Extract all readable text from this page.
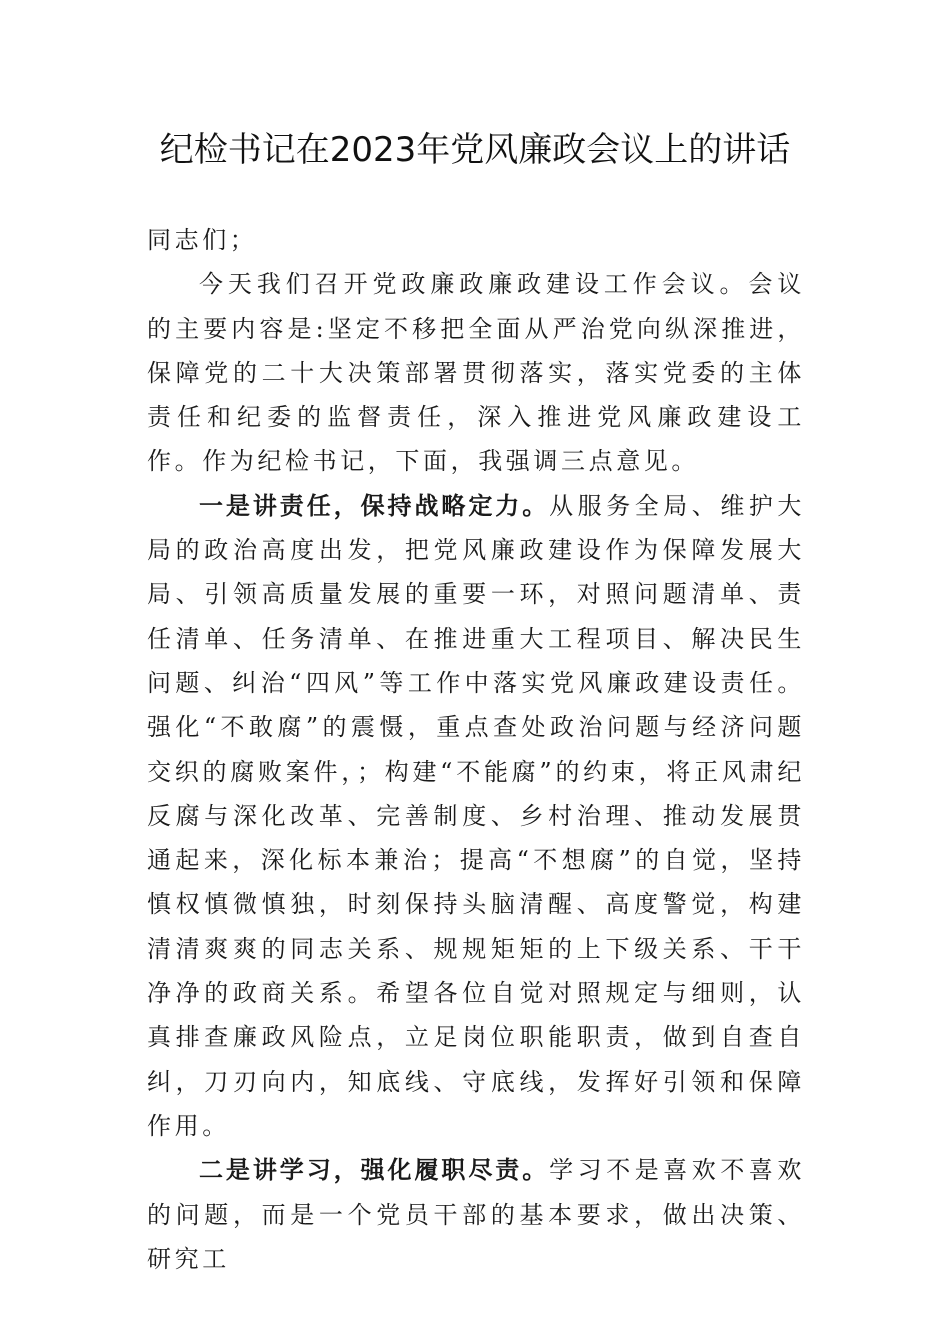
纪检书记在2023年党风廉政会议上的讲话

同志们；

今天我们召开党政廉政廉政建设工作会议。会议的主要内容是:坚定不移把全面从严治党向纵深推进，保障党的二十大决策部署贯彻落实，落实党委的主体责任和纪委的监督责任，深入推进党风廉政建设工作。作为纪检书记，下面，我强调三点意见。

一是讲责任，保持战略定力。从服务全局、维护大局的政治高度出发，把党风廉政建设作为保障发展大局、引领高质量发展的重要一环，对照问题清单、责任清单、任务清单、在推进重大工程项目、解决民生问题、纠治“四风”等工作中落实党风廉政建设责任。强化“不敢腐”的震慑，重点查处政治问题与经济问题交织的腐败案件，；构建“不能腐”的约束，将正风肃纪反腐与深化改革、完善制度、乡村治理、推动发展贯通起来，深化标本兼治；提高“不想腐”的自觉，坚持慎权慎微慎独，时刻保持头脑清醒、高度警觉，构建清清爽爽的同志关系、规规矩矩的上下级关系、干干净净的政商关系。希望各位自觉对照规定与细则，认真排查廉政风险点，立足岗位职能职责，做到自查自纠，刀刃向内，知底线、守底线，发挥好引领和保障作用。

二是讲学习，强化履职尽责。学习不是喜欢不喜欢的问题，而是一个党员干部的基本要求，做出决策、研究工
